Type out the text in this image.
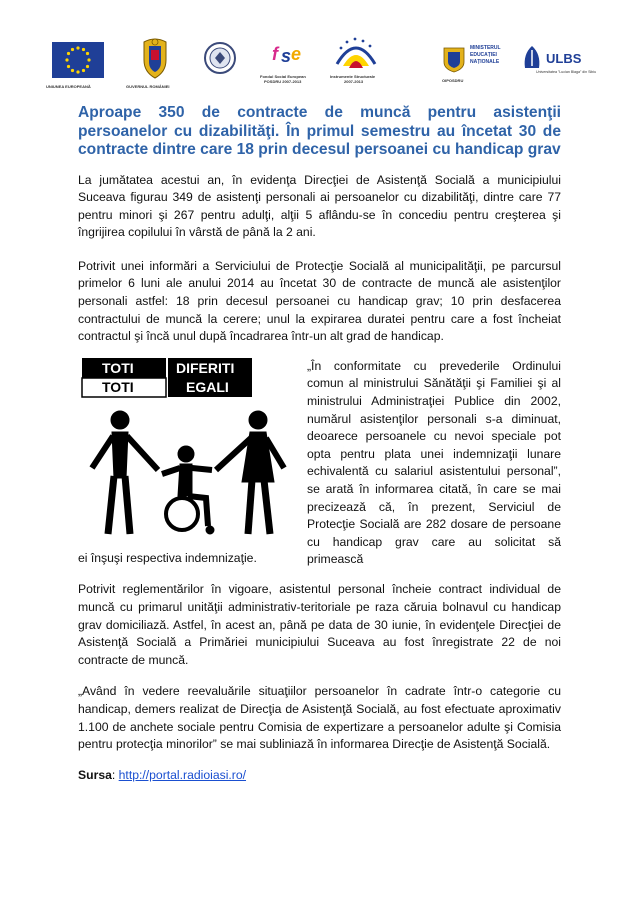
UNIUNEA EUROPEANĂ	GUVERNUL ROMÂNIEI
f s e
Fondul Social European
POSDRU 2007-2013
Instrumente Structurale
2007-2013	OIPOSDRU
MINISTERUL
EDUCAȚIEI
NAȚIONALE	ULBS
Universitatea "Lucian Blaga" din Sibiu
Aproape 350 de contracte de muncă pentru asistenţii persoanelor cu dizabilităţi. În primul semestru au încetat 30 de contracte dintre care 18 prin decesul persoanei cu handicap grav

La jumătatea acestui an, în evidenţa Direcţiei de Asistenţă Socială a municipiului Suceava figurau 349 de asistenţi personali ai persoanelor cu dizabilităţi, dintre care 77 pentru minori şi 267 pentru adulţi, alţii 5 aflându-se în concediu pentru creşterea şi îngrijirea copilului în vârstă de până la 2 ani.

Potrivit unei informări a Serviciului de Protecţie Socială al municipalităţii, pe parcursul primelor 6 luni ale anului 2014 au încetat 30 de contracte de muncă ale asistenţilor personali astfel: 18 prin decesul persoanei cu handicap grav; 10 prin desfacerea contractului de muncă la cerere; unul la expirarea duratei pentru care a fost încheiat contractul şi încă unul după încadrarea într-un alt grad de handicap.

TOTI	DIFERITI
TOTI	EGALI
„În conformitate cu prevederile Ordinului comun al ministrului Sănătăţii şi Familiei şi al ministrului Administraţiei Publice din 2002, numărul asistenţilor personali s-a diminuat, deoarece persoanele cu nevoi speciale pot opta pentru plata unei indemnizaţii lunare echivalentă cu salariul asistentului personal”, se arată în informarea citată, în care se mai precizează că, în prezent, Serviciul de Protecţie Socială are 282 dosare de persoane cu handicap grav care au solicitat să primească

ei înşuşi respectiva indemnizaţie.

Potrivit reglementărilor în vigoare, asistentul personal încheie contract individual de muncă cu primarul unităţii administrativ-teritoriale pe raza căruia bolnavul cu handicap grav domiciliază. Astfel, în acest an, până pe data de 30 iunie, în evidenţele Direcţiei de Asistenţă Socială a Primăriei municipiului Suceava au fost înregistrate 22 de noi contracte de muncă.

„Având în vedere reevaluările situaţiilor persoanelor în cadrate într-o categorie cu handicap, demers realizat de Direcţia de Asistenţă Socială, au fost efectuate aproximativ 1.100 de anchete sociale pentru Comisia de expertizare a persoanelor adulte şi Comisia pentru protecţia minorilor” se mai subliniază în informarea Direcţie de Asistenţă Socială.

Sursa: http://portal.radioiasi.ro/
